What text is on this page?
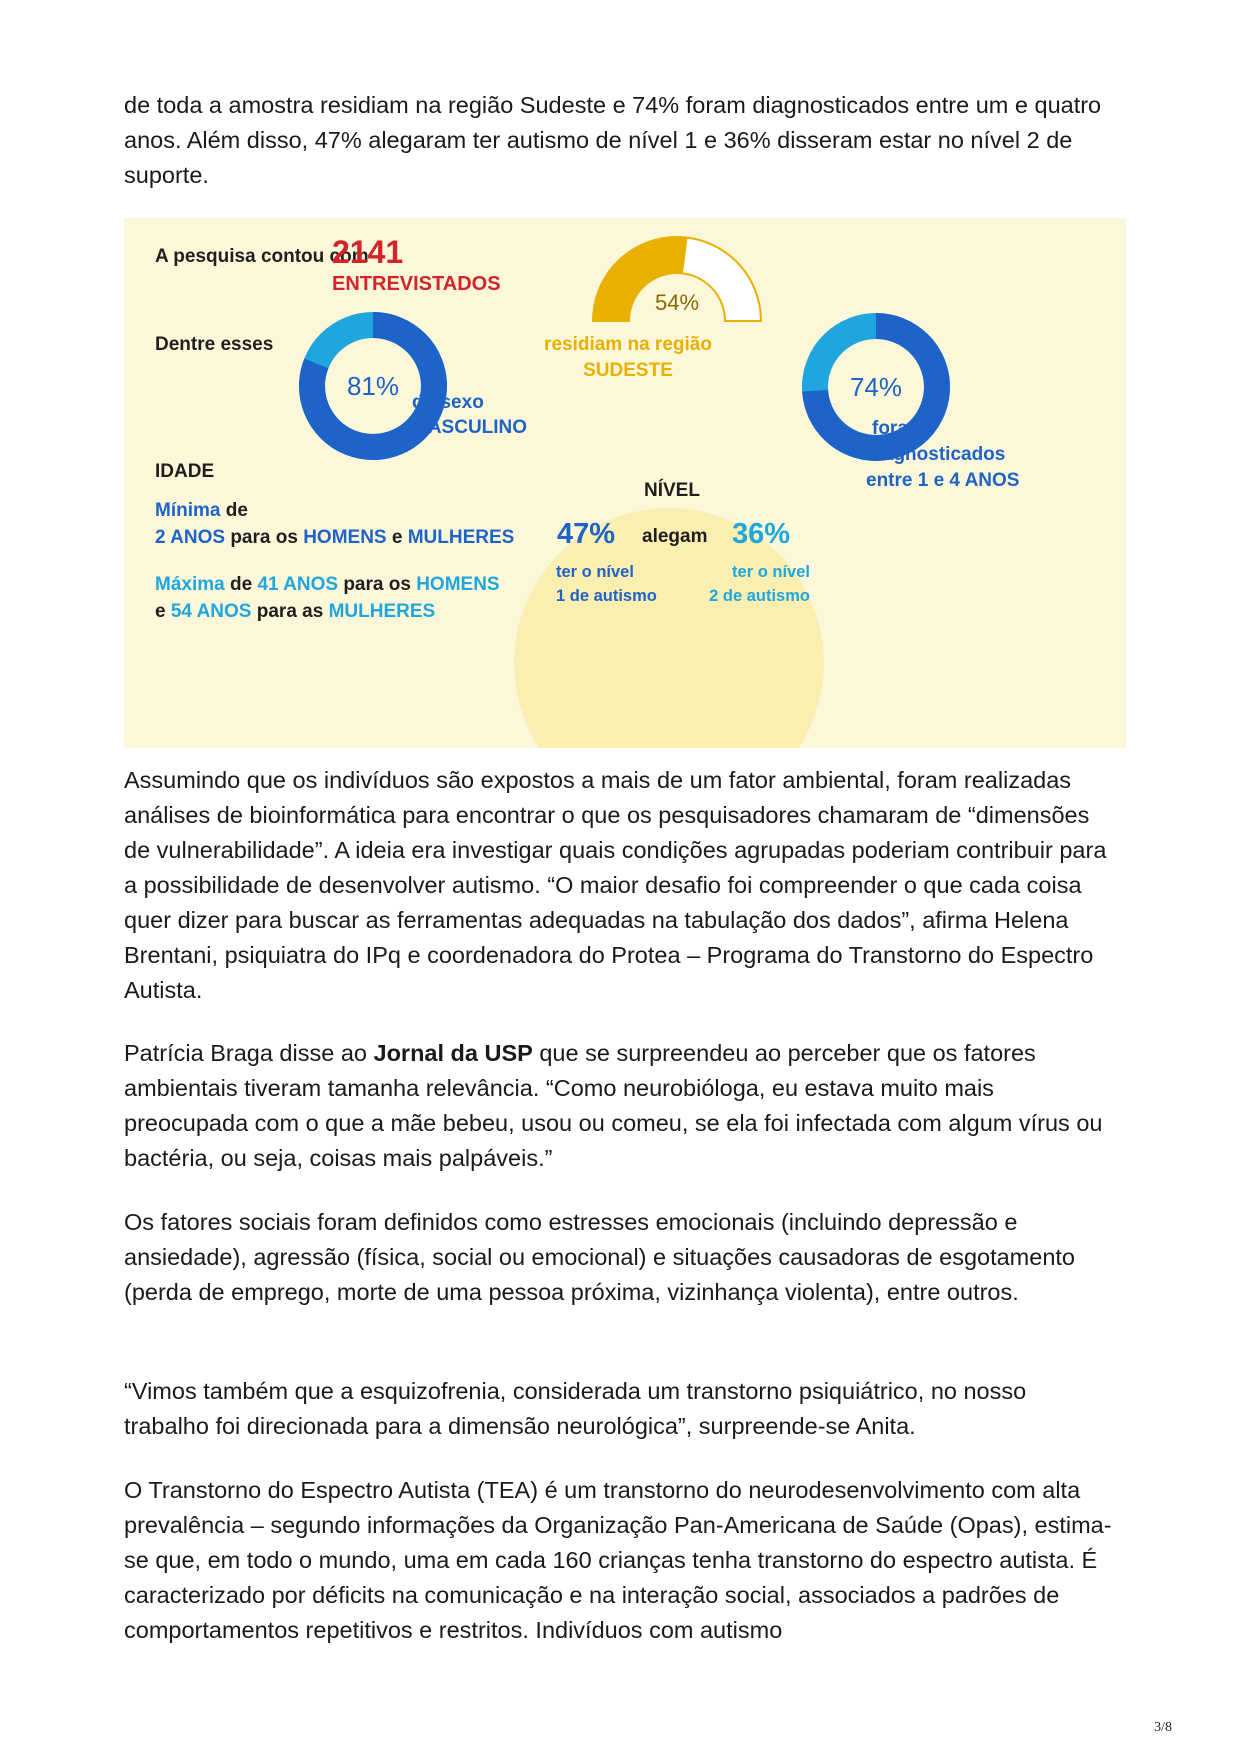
de toda a amostra residiam na região Sudeste e 74% foram diagnosticados entre um e quatro anos. Além disso, 47% alegaram ter autismo de nível 1 e 36% disseram estar no nível 2 de suporte.

A pesquisa contou com
2141
ENTREVISTADOS
Dentre esses
81%
do sexo
MASCULINO
54%
residiam na região
SUDESTE
74%
foram
diagnosticados
entre 1 e 4 ANOS
IDADE
Mínima de
2 ANOS para os HOMENS e MULHERES
Máxima de 41 ANOS para os HOMENS
e 54 ANOS para as MULHERES
NÍVEL
47% alegam 36%
ter o nível
1 de autismo
ter o nível
2 de autismo

Assumindo que os indivíduos são expostos a mais de um fator ambiental, foram realizadas análises de bioinformática para encontrar o que os pesquisadores chamaram de “dimensões de vulnerabilidade”. A ideia era investigar quais condições agrupadas poderiam contribuir para a possibilidade de desenvolver autismo. “O maior desafio foi compreender o que cada coisa quer dizer para buscar as ferramentas adequadas na tabulação dos dados”, afirma Helena Brentani, psiquiatra do IPq e coordenadora do Protea – Programa do Transtorno do Espectro Autista.

Patrícia Braga disse ao Jornal da USP que se surpreendeu ao perceber que os fatores ambientais tiveram tamanha relevância. “Como neurobióloga, eu estava muito mais preocupada com o que a mãe bebeu, usou ou comeu, se ela foi infectada com algum vírus ou bactéria, ou seja, coisas mais palpáveis.”

Os fatores sociais foram definidos como estresses emocionais (incluindo depressão e ansiedade), agressão (física, social ou emocional) e situações causadoras de esgotamento (perda de emprego, morte de uma pessoa próxima, vizinhança violenta), entre outros.

“Vimos também que a esquizofrenia, considerada um transtorno psiquiátrico, no nosso trabalho foi direcionada para a dimensão neurológica”, surpreende-se Anita.

O Transtorno do Espectro Autista (TEA) é um transtorno do neurodesenvolvimento com alta prevalência – segundo informações da Organização Pan-Americana de Saúde (Opas), estima-se que, em todo o mundo, uma em cada 160 crianças tenha transtorno do espectro autista. É caracterizado por déficits na comunicação e na interação social, associados a padrões de comportamentos repetitivos e restritos. Indivíduos com autismo

3/8
